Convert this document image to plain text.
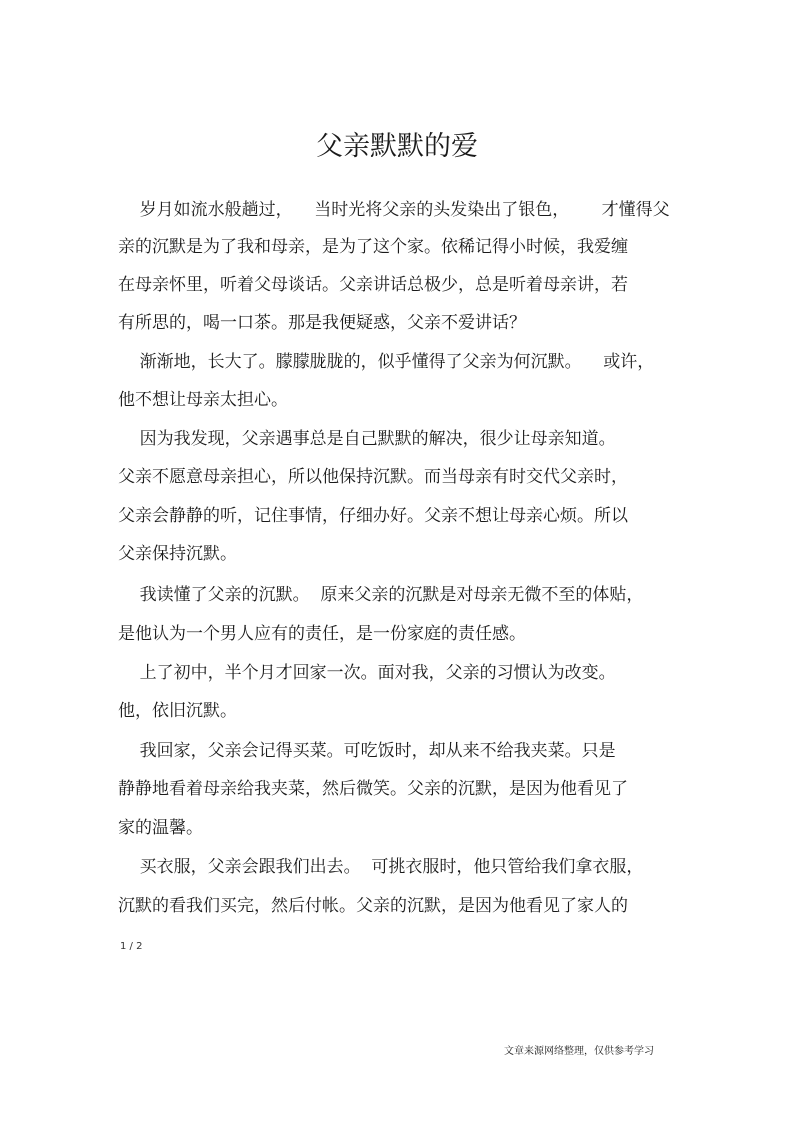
父亲默默的爱

岁月如流水般趟过，    当时光将父亲的头发染出了银色，      才懂得父

亲的沉默是为了我和母亲，是为了这个家。依稀记得小时候，我爱缠

在母亲怀里，听着父母谈话。父亲讲话总极少，总是听着母亲讲，若

有所思的，喝一口茶。那是我便疑惑，父亲不爱讲话？

渐渐地，长大了。朦朦胧胧的，似乎懂得了父亲为何沉默。    或许，

他不想让母亲太担心。

因为我发现，父亲遇事总是自己默默的解决，很少让母亲知道。

父亲不愿意母亲担心，所以他保持沉默。而当母亲有时交代父亲时，

父亲会静静的听，记住事情，仔细办好。父亲不想让母亲心烦。所以

父亲保持沉默。

我读懂了父亲的沉默。  原来父亲的沉默是对母亲无微不至的体贴，

是他认为一个男人应有的责任，是一份家庭的责任感。

上了初中，半个月才回家一次。面对我，父亲的习惯认为改变。

他，依旧沉默。

我回家，父亲会记得买菜。可吃饭时，却从来不给我夹菜。只是

静静地看着母亲给我夹菜，然后微笑。父亲的沉默，是因为他看见了

家的温馨。

买衣服，父亲会跟我们出去。  可挑衣服时，他只管给我们拿衣服，

沉默的看我们买完，然后付帐。父亲的沉默，是因为他看见了家人的

1 / 2
文章来源网络整理，仅供参考学习
